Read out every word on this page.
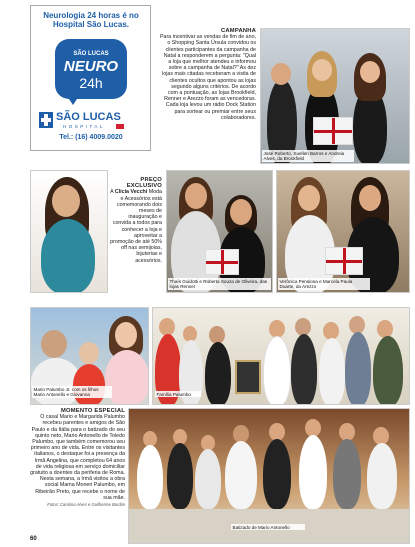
Neurologia 24 horas é no Hospital São Lucas.
SÃO LUCAS
NEURO
24h
SÃO LUCAS
HOSPITAL
Tel.: (16) 4009.0020
CAMPANHA
Para incentivar as vendas de fim de ano, o Shopping Santa Úrsula convidou os clientes participantes da campanha de Natal a responderem a pergunta: "Qual a loja que melhor atendeu e informou sobre a campanha de Natal?" As dez lojas mais citadas receberam a visita de clientes ocultos que apontou as lojas segundo alguns critérios. De acordo com a pontuação, as lojas Brookfield, Renner e Arezzo foram as vencedoras. Cada loja levou um rádio Dock Station para sortear ou premiar entre seus colaboradores.
José Roberto, Suellen Barros e Andreia Alves, da Brookfield
PREÇO EXCLUSIVO
A Clícia Vecchi Moda e Acessórios está comemorando dois meses de inauguração e convida a todos para conhecer a loja e aproveitar a promoção de até 50% off nas semijoias, bijuterias e acessórios.
Thaís Guidotti e Roberta Souza de Oliveira, das lojas Renner
Verônica Pensiona e Marcela Paula Duarte, da Arezzo
Mario Palumbo Jr. com os filhos Mario Antonello e Giovanna	Família Palumbo
MOMENTO ESPECIAL
O casal Mario e Margarida Palumbo recebeu parentes e amigos de São Paulo e da Itália para o batizado do seu quinto neto, Mario Antonello de Toledo Palumbo, que também comemorou seu primeiro ano de vida. Entre os visitantes italianos, o destaque foi a presença da Irmã Angelina, que completou 64 anos de vida religiosa em serviço domiciliar gratuito a doentes da periferia de Roma. Nesta semana, a Irmã visitou a obra social Mama Moneri Palumbo, em Ribeirão Preto, que recebe o nome de sua mãe.
Fotos: Carolina Alves e Guilherme Bordini
Batizado de Mario Antonello
60
